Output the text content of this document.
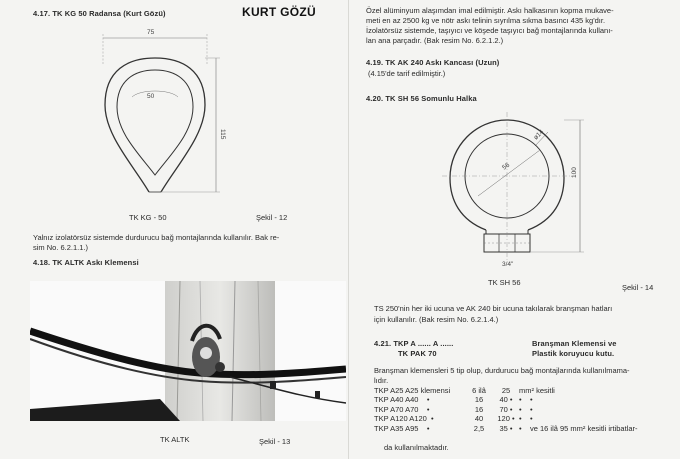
4.17. TK KG 50 Radansa (Kurt Gözü)	KURT GÖZÜ
75
50
115
TK KG - 50	Şekil - 12
Yalnız izolatörsüz sistemde durdurucu bağ montajlarında kullanılır. Bak re-
sim No. 6.2.1.1.)
4.18. TK ALTK Askı Klemensi
TK ALTK	Şekil - 13
Özel alüminyum alaşımdan imal edilmiştir. Askı halkasının kopma mukave-
meti en az 2500 kg ve nötr askı telinin sıyrılma sıkma basıncı 435 kg'dır.
İzolatörsüz sistemde, taşıyıcı ve köşede taşıyıcı bağ montajlarında kullanı-
lan ana parçadır. (Bak resim No. 6.2.1.2.)
4.19. TK AK 240 Askı Kancası (Uzun)
(4.15'de tarif edilmiştir.)
4.20. TK SH 56 Somunlu Halka
56
ø14
100
3/4"
TK SH 56
Şekil - 14
TS 250'nin her iki ucuna ve AK 240 bir ucuna takılarak branşman hatları
için kullanılır. (Bak resim No. 6.2.1.4.)
4.21. TKP A ...... A ......
TK PAK 70
Branşman Klemensi ve
Plastik koruyucu kutu.
Branşman klemensleri 5 tip olup, durdurucu bağ montajlarında kullanılmama-
lıdır.
TKP A25 A25 klemensi	6 ilâ	25	mm² kesitli
TKP A40 A40    •	16	40 •	•    •
TKP A70 A70    •	16	70 •	•    •
TKP A120 A120  •	40	120 •	•    •
TKP A35 A95    •	2,5	35 •	•    ve 16 ilâ 95 mm² kesitli irtibatlar-
da kullanılmaktadır.
